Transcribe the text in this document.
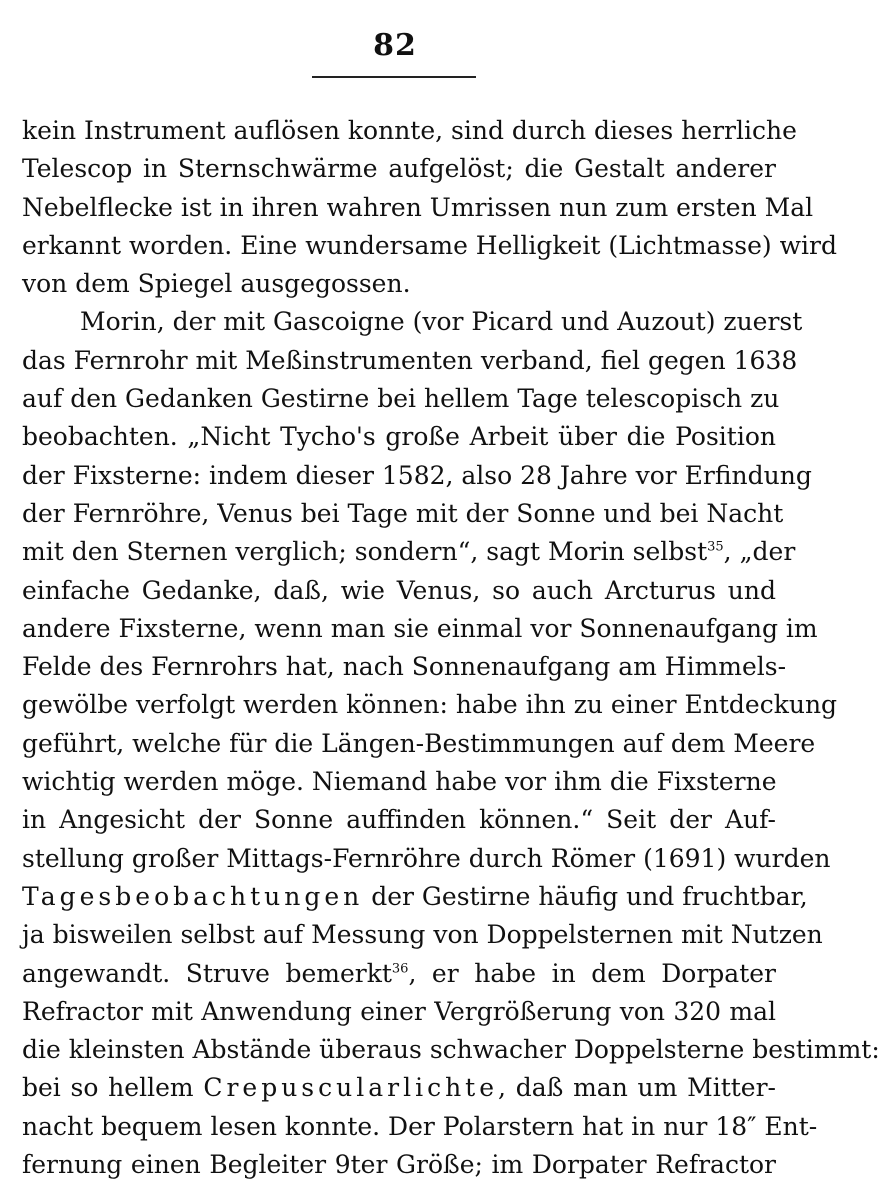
82
kein Instrument auflösen konnte, sind durch dieses herrliche
Telescop in Sternschwärme aufgelöst; die Gestalt anderer
Nebelflecke ist in ihren wahren Umrissen nun zum ersten Mal
erkannt worden. Eine wundersame Helligkeit (Lichtmasse) wird
von dem Spiegel ausgegossen.
Morin, der mit Gascoigne (vor Picard und Auzout) zuerst
das Fernrohr mit Meßinstrumenten verband, fiel gegen 1638
auf den Gedanken Gestirne bei hellem Tage telescopisch zu
beobachten. „Nicht Tycho's große Arbeit über die Position
der Fixsterne: indem dieser 1582, also 28 Jahre vor Erfindung
der Fernröhre, Venus bei Tage mit der Sonne und bei Nacht
mit den Sternen verglich; sondern“, sagt Morin selbst$^{35}$, „der
einfache Gedanke, daß, wie Venus, so auch Arcturus und
andere Fixsterne, wenn man sie einmal vor Sonnenaufgang im
Felde des Fernrohrs hat, nach Sonnenaufgang am Himmels-
gewölbe verfolgt werden können: habe ihn zu einer Entdeckung
geführt, welche für die Längen-Bestimmungen auf dem Meere
wichtig werden möge. Niemand habe vor ihm die Fixsterne
in Angesicht der Sonne auffinden können.“ Seit der Auf-
stellung großer Mittags-Fernröhre durch Römer (1691) wurden
Tagesbeobachtungen der Gestirne häufig und fruchtbar,
ja bisweilen selbst auf Messung von Doppelsternen mit Nutzen
angewandt. Struve bemerkt$^{36}$, er habe in dem Dorpater
Refractor mit Anwendung einer Vergrößerung von 320 mal
die kleinsten Abstände überaus schwacher Doppelsterne bestimmt:
bei so hellem Crepuscularlichte, daß man um Mitter-
nacht bequem lesen konnte. Der Polarstern hat in nur 18″ Ent-
fernung einen Begleiter 9ter Größe; im Dorpater Refractor
